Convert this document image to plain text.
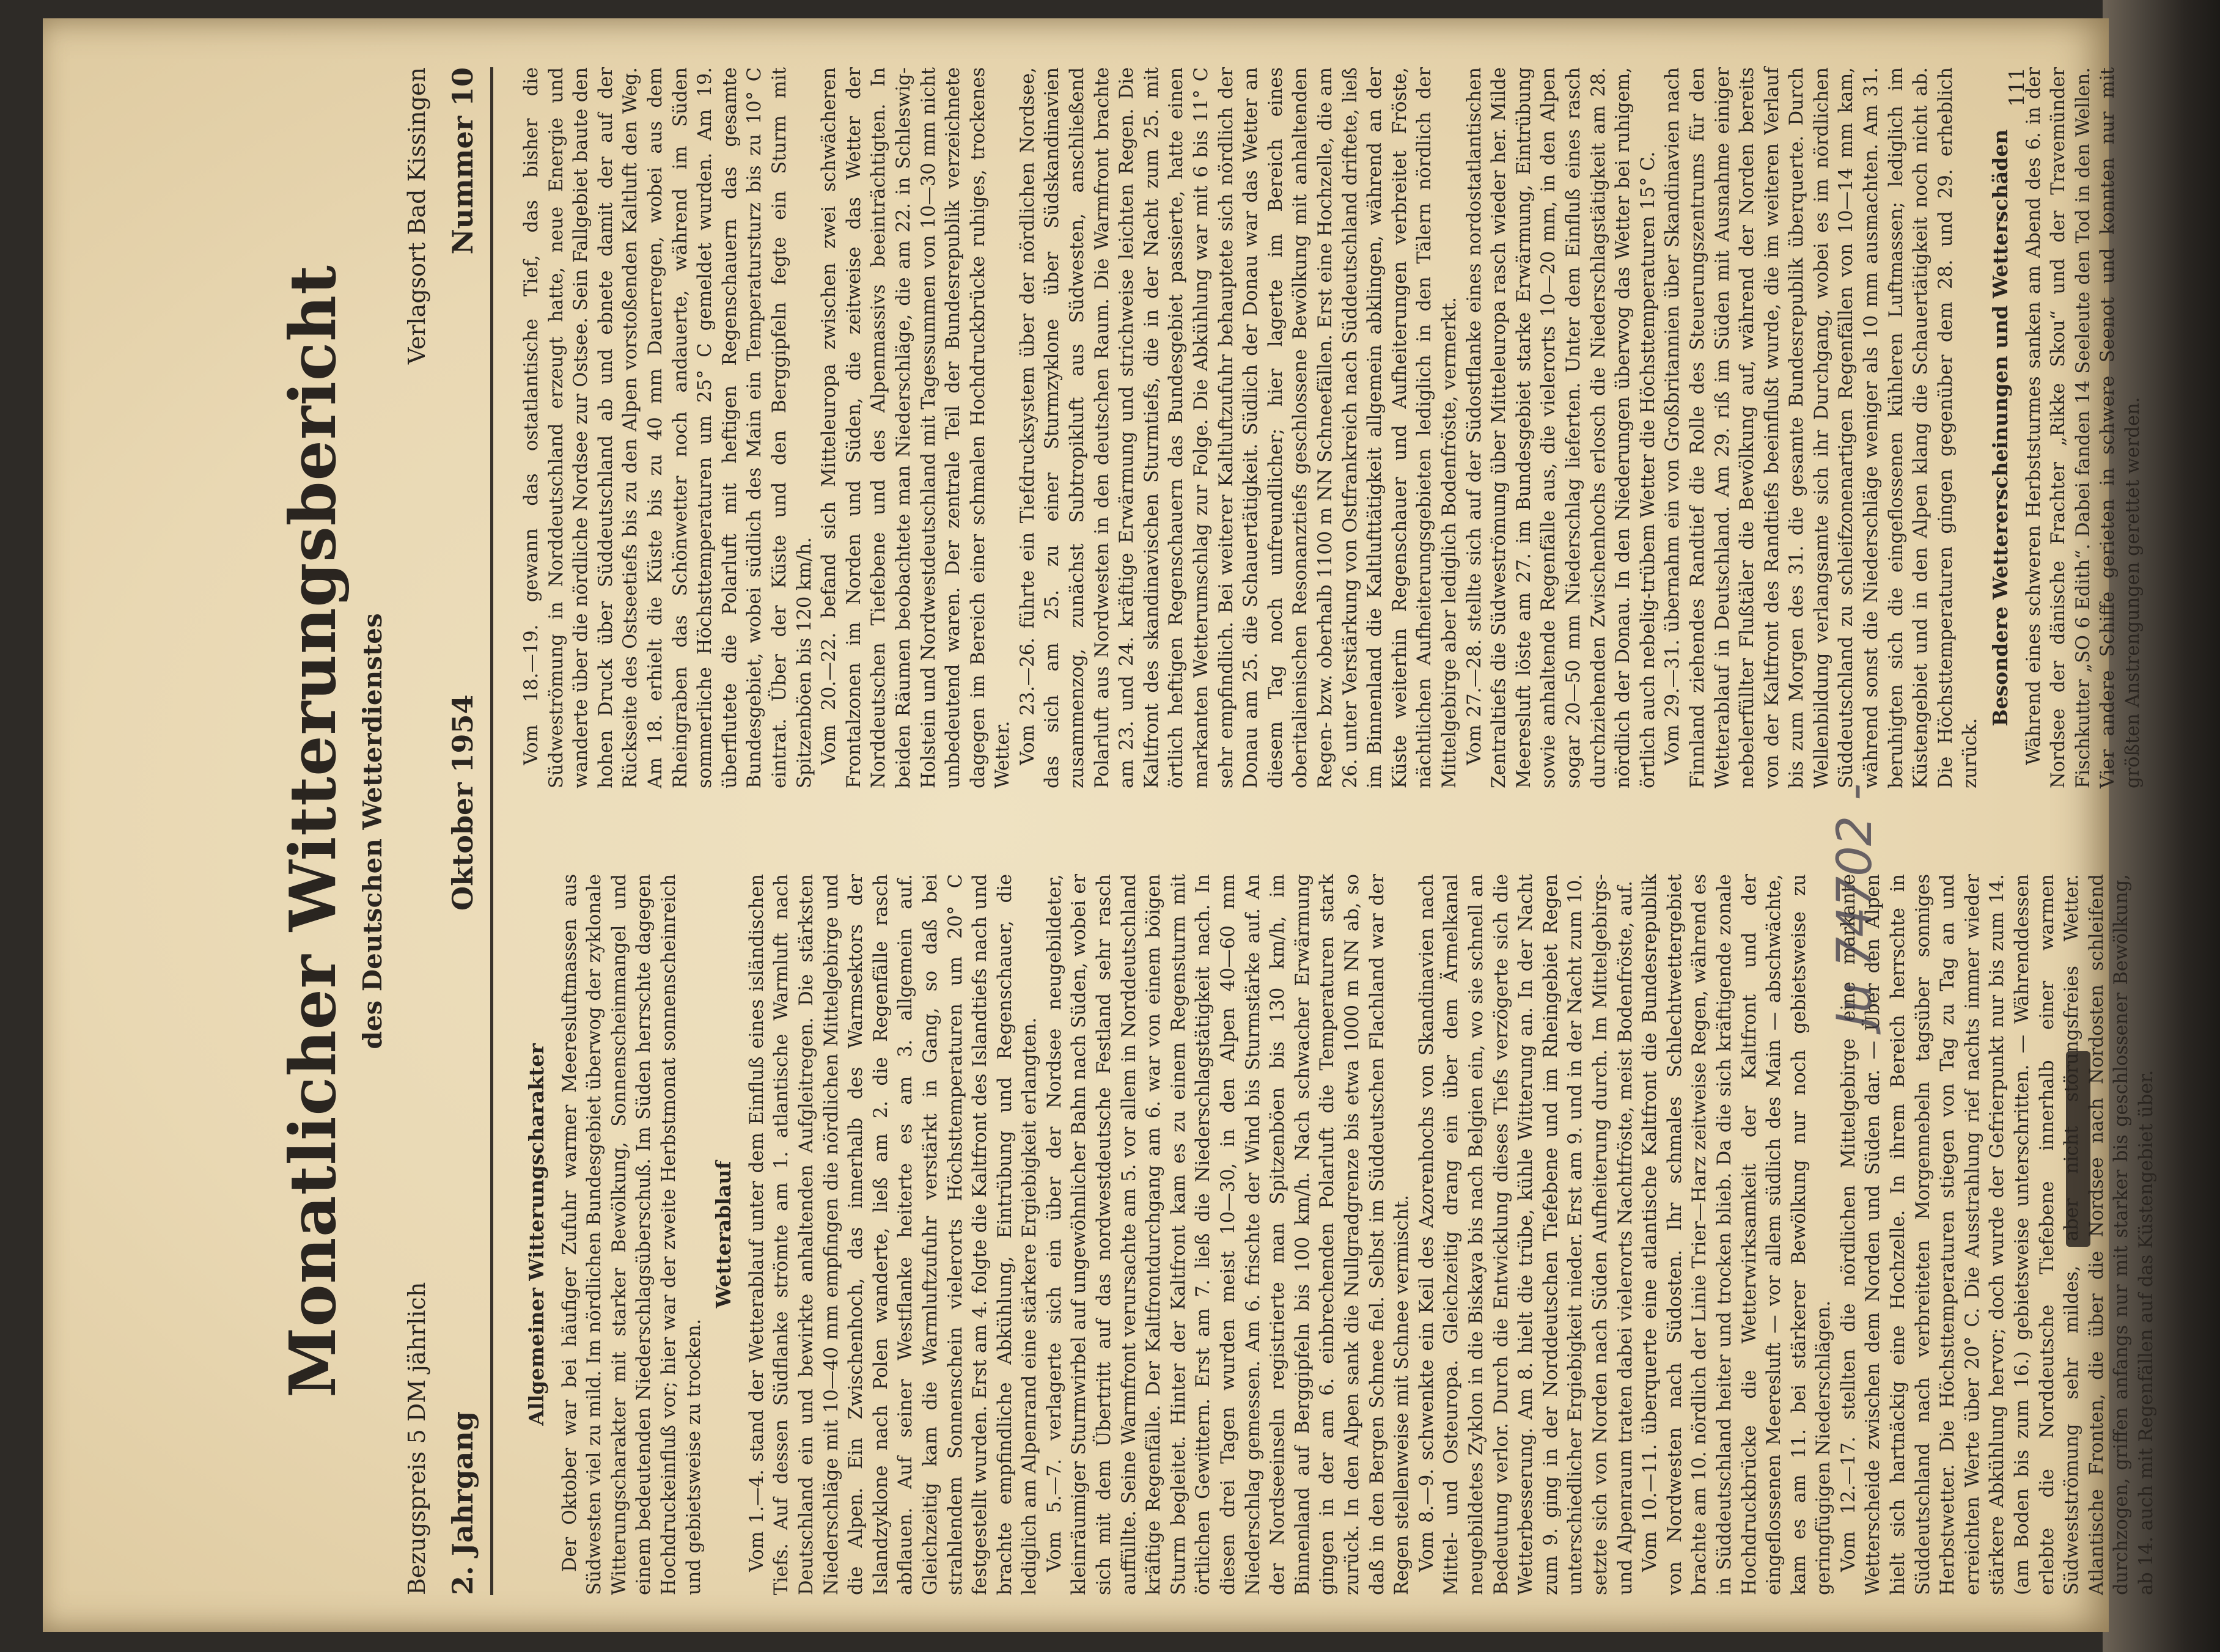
Monatlicher Witterungsbericht des Deutschen Wetterdienstes
Bezugspreis 5 DM jährlich
Verlagsort Bad Kissingen
2. Jahrgang
Oktober 1954
Nummer 10
Allgemeiner Witterungscharakter Der Oktober war bei häufiger Zufuhr warmer Meeresluftmassen aus Südwesten viel zu mild. Im nördlichen Bundesgebiet überwog der zyklonale Witterungscharakter mit starker Bewölkung, Sonnenscheinmangel und einem bedeutenden Niederschlagsüberschuß. Im Süden herrschte dagegen Hochdruckeinfluß vor; hier war der zweite Herbstmonat sonnenscheinreich und gebietsweise zu trocken.

Wetterablauf Vom 1.—4. stand der Wetterablauf unter dem Einfluß eines isländischen Tiefs. Auf dessen Südflanke strömte am 1. atlantische Warmluft nach Deutschland ein und bewirkte anhaltenden Aufgleitregen. Die stärksten Niederschläge mit 10—40 mm empfingen die nördlichen Mittelgebirge und die Alpen. Ein Zwischenhoch, das innerhalb des Warmsektors der Islandzyklone nach Polen wanderte, ließ am 2. die Regenfälle rasch abflauen. Auf seiner Westflanke heiterte es am 3. allgemein auf. Gleichzeitig kam die Warmluftzufuhr verstärkt in Gang, so daß bei strahlendem Sonnenschein vielerorts Höchsttemperaturen um 20° C festgestellt wurden. Erst am 4. folgte die Kaltfront des Islandtiefs nach und brachte empfindliche Abkühlung, Eintrübung und Regenschauer, die lediglich am Alpenrand eine stärkere Ergiebigkeit erlangten. Vom 5.—7. verlagerte sich ein über der Nordsee neugebildeter, kleinräumiger Sturmwirbel auf ungewöhnlicher Bahn nach Süden, wobei er sich mit dem Übertritt auf das nordwestdeutsche Festland sehr rasch auffüllte. Seine Warmfront verursachte am 5. vor allem in Norddeutschland kräftige Regenfälle. Der Kaltfrontdurchgang am 6. war von einem böigen Sturm begleitet. Hinter der Kaltfront kam es zu einem Regensturm mit örtlichen Gewittern. Erst am 7. ließ die Niederschlagstätigkeit nach. In diesen drei Tagen wurden meist 10—30, in den Alpen 40—60 mm Niederschlag gemessen. Am 6. frischte der Wind bis Sturmstärke auf. An der Nordseeinseln registrierte man Spitzenböen bis 130 km/h, im Binnenland auf Berggipfeln bis 100 km/h. Nach schwacher Erwärmung gingen in der am 6. einbrechenden Polarluft die Temperaturen stark zurück. In den Alpen sank die Nullgradgrenze bis etwa 1000 m NN ab, so daß in den Bergen Schnee fiel. Selbst im Süddeutschen Flachland war der Regen stellenweise mit Schnee vermischt. Vom 8.—9. schwenkte ein Keil des Azorenhochs von Skandinavien nach Mittel- und Osteuropa. Gleichzeitig drang ein über dem Ärmelkanal neugebildetes Zyklon in die Biskaya bis nach Belgien ein, wo sie schnell an Bedeutung verlor. Durch die Entwicklung dieses Tiefs verzögerte sich die Wetterbesserung. Am 8. hielt die trübe, kühle Witterung an. In der Nacht zum 9. ging in der Norddeutschen Tiefebene und im Rheingebiet Regen unterschiedlicher Ergiebigkeit nieder. Erst am 9. und in der Nacht zum 10. setzte sich von Norden nach Süden Aufheiterung durch. Im Mittelgebirgs- und Alpenraum traten dabei vielerorts Nachtfröste, meist Bodenfröste, auf. Vom 10.—11. überquerte eine atlantische Kaltfront die Bundesrepublik von Nordwesten nach Südosten. Ihr schmales Schlechtwettergebiet brachte am 10. nördlich der Linie Trier—Harz zeitweise Regen, während es in Süddeutschland heiter und trocken blieb. Da die sich kräftigende zonale Hochdruckbrücke die Wetterwirksamkeit der Kaltfront und der eingeflossenen Meeresluft — vor allem südlich des Main — abschwächte, kam es am 11. bei stärkerer Bewölkung nur noch gebietsweise zu geringfügigen Niederschlägen. Vom 12.—17. stellten die nördlichen Mittelgebirge eine markante Wetterscheide zwischen dem Norden und Süden dar. — Über den Alpen hielt sich hartnäckig eine Hochzelle. In ihrem Bereich herrschte in Süddeutschland nach verbreiteten Morgennebeln tagsüber sonniges Herbstwetter. Die Höchsttemperaturen stiegen von Tag zu Tag an und erreichten Werte über 20° C. Die Ausstrahlung rief nachts immer wieder stärkere Abkühlung hervor; doch wurde der Gefrierpunkt nur bis zum 14. (am Boden bis zum 16.) gebietsweise unterschritten. — Währenddessen erlebte die Norddeutsche Tiefebene innerhalb einer warmen Südwestströmung sehr mildes, aber nicht störungsfreies Wetter. Atlantische Fronten, die über die Nordsee nach Nordosten schleifend durchzogen, griffen anfangs nur mit starker bis geschlossener Bewölkung, ab 14. auch mit Regenfällen auf das Küstengebiet über.

Vom 18.—19. gewann das ostatlantische Tief, das bisher die Südweströmung in Norddeutschland erzeugt hatte, neue Energie und wanderte über die nördliche Nordsee zur Ostsee. Sein Fallgebiet baute den hohen Druck über Süddeutschland ab und ebnete damit der auf der Rückseite des Ostseetiefs bis zu den Alpen vorstoßenden Kaltluft den Weg. Am 18. erhielt die Küste bis zu 40 mm Dauerregen, wobei aus dem Rheingraben das Schönwetter noch andauerte, während im Süden sommerliche Höchsttemperaturen um 25° C gemeldet wurden. Am 19. überflutete die Polarluft mit heftigen Regenschauern das gesamte Bundesgebiet, wobei südlich des Main ein Temperatursturz bis zu 10° C eintrat. Über der Küste und den Berggipfeln fegte ein Sturm mit Spitzenböen bis 120 km/h. Vom 20.—22. befand sich Mitteleuropa zwischen zwei schwächeren Frontalzonen im Norden und Süden, die zeitweise das Wetter der Norddeutschen Tiefebene und des Alpenmassivs beeinträchtigten. In beiden Räumen beobachtete man Niederschläge, die am 22. in Schleswig-Holstein und Nordwestdeutschland mit Tagessummen von 10—30 mm nicht unbedeutend waren. Der zentrale Teil der Bundesrepublik verzeichnete dagegen im Bereich einer schmalen Hochdruckbrücke ruhiges, trockenes Wetter. Vom 23.—26. führte ein Tiefdrucksystem über der nördlichen Nordsee, das sich am 25. zu einer Sturmzyklone über Südskandinavien zusammenzog, zunächst Subtropikluft aus Südwesten, anschließend Polarluft aus Nordwesten in den deutschen Raum. Die Warmfront brachte am 23. und 24. kräftige Erwärmung und strichweise leichten Regen. Die Kaltfront des skandinavischen Sturmtiefs, die in der Nacht zum 25. mit örtlich heftigen Regenschauern das Bundesgebiet passierte, hatte einen markanten Wetterumschlag zur Folge. Die Abkühlung war mit 6 bis 11° C sehr empfindlich. Bei weiterer Kaltluftzufuhr behauptete sich nördlich der Donau am 25. die Schauertätigkeit. Südlich der Donau war das Wetter an diesem Tag noch unfreundlicher; hier lagerte im Bereich eines oberitalienischen Resonanztiefs geschlossene Bewölkung mit anhaltenden Regen- bzw. oberhalb 1100 m NN Schneefällen. Erst eine Hochzelle, die am 26. unter Verstärkung von Ostfrankreich nach Süddeutschland driftete, ließ im Binnenland die Kaltlufttätigkeit allgemein abklingen, während an der Küste weiterhin Regenschauer und Aufheiterungen verbreitet Fröste, nächtlichen Aufheiterungsgebieten lediglich in den Tälern nördlich der Mittelgebirge aber lediglich Bodenfröste, vermerkt. Vom 27.—28. stellte sich auf der Südostflanke eines nordostatlantischen Zentraltiefs die Südweströmung über Mitteleuropa rasch wieder her. Milde Meeresluft löste am 27. im Bundesgebiet starke Erwärmung, Eintrübung sowie anhaltende Regenfälle aus, die vielerorts 10—20 mm, in den Alpen sogar 20—50 mm Niederschlag lieferten. Unter dem Einfluß eines rasch durchziehenden Zwischenhochs erlosch die Niederschlagstätigkeit am 28. nördlich der Donau. In den Niederungen überwog das Wetter bei ruhigem, örtlich auch nebelig-trübem Wetter die Höchsttemperaturen 15° C. Vom 29.—31. übernahm ein von Großbritannien über Skandinavien nach Finnland ziehendes Randtief die Rolle des Steuerungszentrums für den Wetterablauf in Deutschland. Am 29. riß im Süden mit Ausnahme einiger nebelerfüllter Flußtäler die Bewölkung auf, während der Norden bereits von der Kaltfront des Randtiefs beeinflußt wurde, die im weiteren Verlauf bis zum Morgen des 31. die gesamte Bundesrepublik überquerte. Durch Wellenbildung verlangsamte sich ihr Durchgang, wobei es im nördlichen Süddeutschland zu schleifzonenartigen Regenfällen von 10—14 mm kam, während sonst die Niederschläge weniger als 10 mm ausmachten. Am 31. beruhigten sich die eingeflossenen kühleren Luftmassen; lediglich im Küstengebiet und in den Alpen klang die Schauertätigkeit noch nicht ab. Die Höchsttemperaturen gingen gegenüber dem 28. und 29. erheblich zurück.

Besondere Wettererscheinungen und Wetterschäden Während eines schweren Herbststurmes sanken am Abend des 6. in der Nordsee der dänische Frachter „Rikke Skou“ und der Travemünder Fischkutter „SO 6 Edith“. Dabei fanden 14 Seeleute den Tod in den Wellen. Vier andere Schiffe gerieten in schwere Seenot und konnten nur mit größten Anstrengungen gerettet werden.

111
Ju 74702 -
